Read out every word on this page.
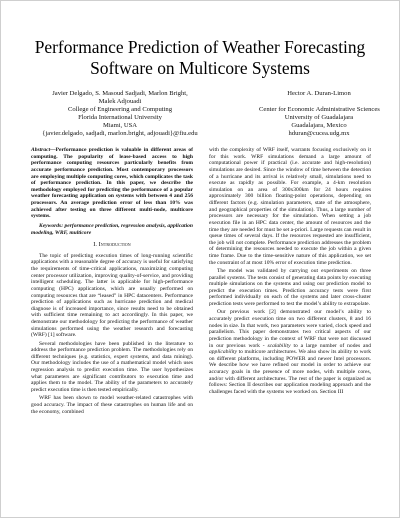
Performance Prediction of Weather Forecasting
Software on Multicore Systems
Javier Delgado, S. Masoud Sadjadi, Marlon Bright,
Malek Adjouadi
College of Engineering and Computing
Florida International University
Miami, USA
{javier.delgado, sadjadi, marlon.bright, adjouadi}@fiu.edu
Hector A. Duran-Limon
Center for Economic Administrative Sciences
University of Guadalajara
Guadalajara, Mexico
hduran@cucea.udg.mx

Abstract—Performance prediction is valuable in different areas of computing. The popularity of lease-based access to high performance computing resources particularly benefits from accurate performance prediction. Most contemporary processors are employing multiple computing cores, which complicates the task of performance prediction. In this paper, we describe the methodology employed for predicting the performance of a popular weather forecasting application on systems with between 4 and 256 processors. An average prediction error of less than 10% was achieved after testing on three different multi-node, multicore systems.

Keywords: performance prediction, regression analysis, application modeling, WRF, multicore

I. Introduction

The topic of predicting execution times of long-running scientific applications with a reasonable degree of accuracy is useful for satisfying the requirements of time-critical applications, maximizing computing center processor utilization, improving quality-of-service, and providing intelligent scheduling. The latter is applicable for high-performance computing (HPC) applications, which are usually performed on computing resources that are “leased” in HPC datacenters. Performance prediction of applications such as hurricane prediction and medical diagnose is of increased importance, since results need to be obtained with sufficient time remaining to act accordingly. In this paper, we demonstrate our methodology for predicting the performance of weather simulations performed using the weather research and forecasting (WRF) [1] software.

Several methodologies have been published in the literature to address the performance prediction problem. The methodologies rely on different techniques (e.g. statistics, expert systems, and data mining). Our methodology includes the use of a mathematical model which uses regression analysis to predict execution time. The user hypothesizes what parameters are significant contributors to execution time and applies them to the model. The ability of the parameters to accurately predict execution time is then tested empirically.

WRF has been shown to model weather-related catastrophes with good accuracy. The impact of these catastrophes on human life and on the economy, combined

with the complexity of WRF itself, warrants focusing exclusively on it for this work. WRF simulations demand a large amount of computational power if practical (i.e. accurate and high-resolution) simulations are desired. Since the window of time between the detection of a hurricane and its arrival is relatively small, simulations need to execute as rapidly as possible. For example, a 4-km resolution simulation on an area of 300x300km for 24 hours requires approximately 300 billion floating-point operations, depending on different factors (e.g. simulation parameters, state of the atmosphere, and geographical properties of the simulation). Thus, a large number of processors are necessary for the simulation. When setting a job execution file in an HPC data center, the amount of resources and the time they are needed for must be set a-priori. Large requests can result in queue times of several days. If the resources requested are insufficient, the job will not complete. Performance prediction addresses the problem of determining the resources needed to execute the job within a given time frame. Due to the time-sensitive nature of this application, we set the constraint of at most 10% error of execution time prediction.

The model was validated by carrying out experiments on three parallel systems. The tests consist of generating data points by executing multiple simulations on the systems and using our prediction model to predict the execution times. Prediction accuracy tests were first performed individually on each of the systems and later cross-cluster prediction tests were performed to test the model’s ability to extrapolate.

Our previous work [2] demonstrated our model’s ability to accurately predict execution time on two different clusters, 8 and 16 nodes in size. In that work, two parameters were varied, clock speed and parallelism. This paper demonstrates two critical aspects of our prediction methodology in the context of WRF that were not discussed in our previous work - scalability to a large number of nodes and applicability to multicore architectures. We also show its ability to work on different platforms, including POWER and newer Intel processors. We describe how we have refined our model in order to achieve our accuracy goals in the presence of more nodes, with multiple cores, and/or with different architectures. The rest of the paper is organized as follows: Section II describes our application modeling approach and the challenges faced with the systems we worked on. Section III
